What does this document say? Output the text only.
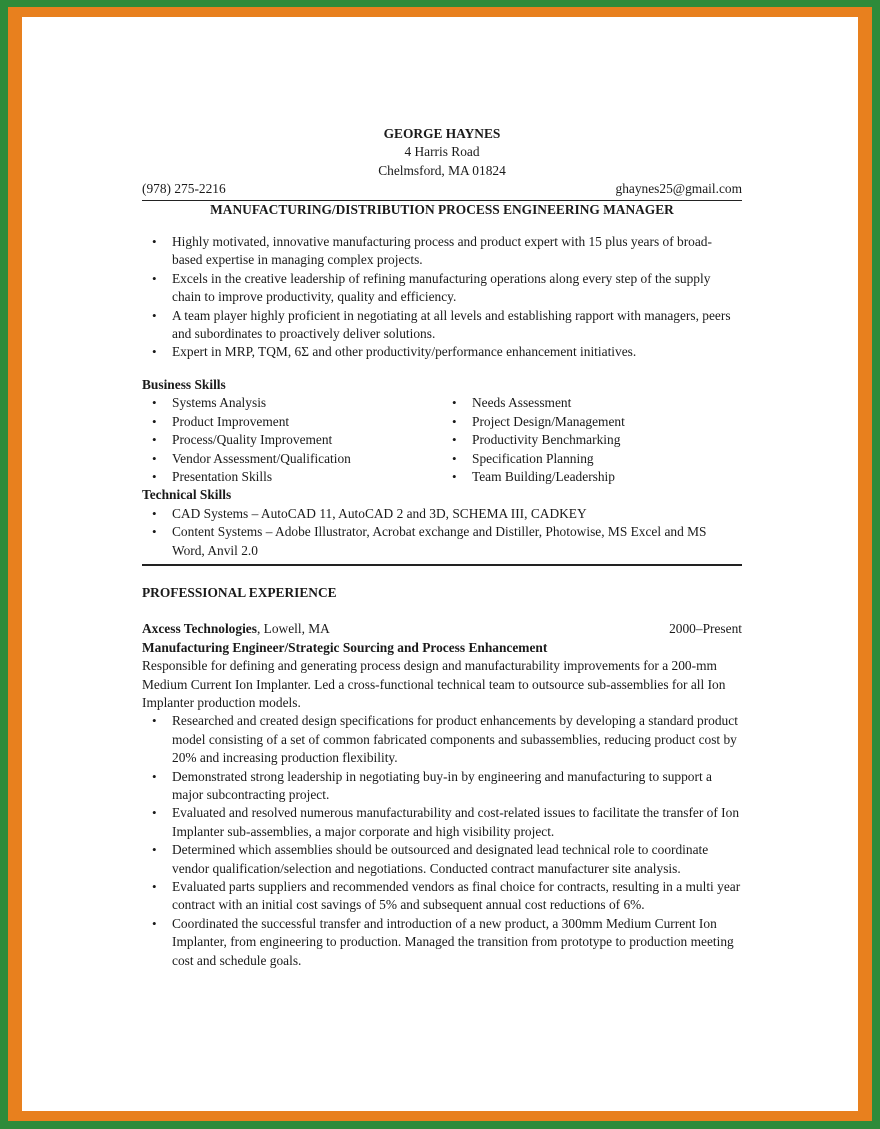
GEORGE HAYNES
4 Harris Road
Chelmsford, MA 01824
(978) 275-2216	ghaynes25@gmail.com
MANUFACTURING/DISTRIBUTION PROCESS ENGINEERING MANAGER
• Highly motivated, innovative manufacturing process and product expert with 15 plus years of broad-based expertise in managing complex projects.
• Excels in the creative leadership of refining manufacturing operations along every step of the supply chain to improve productivity, quality and efficiency.
• A team player highly proficient in negotiating at all levels and establishing rapport with managers, peers and subordinates to proactively deliver solutions.
• Expert in MRP, TQM, 6Σ and other productivity/performance enhancement initiatives.
Business Skills
• Systems Analysis
• Product Improvement
• Process/Quality Improvement
• Vendor Assessment/Qualification
• Presentation Skills
• Needs Assessment
• Project Design/Management
• Productivity Benchmarking
• Specification Planning
• Team Building/Leadership
Technical Skills
• CAD Systems – AutoCAD 11, AutoCAD 2 and 3D, SCHEMA III, CADKEY
• Content Systems – Adobe Illustrator, Acrobat exchange and Distiller, Photowise, MS Excel and MS Word, Anvil 2.0
PROFESSIONAL EXPERIENCE
Axcess Technologies, Lowell, MA	2000–Present
Manufacturing Engineer/Strategic Sourcing and Process Enhancement
Responsible for defining and generating process design and manufacturability improvements for a 200-mm Medium Current Ion Implanter. Led a cross-functional technical team to outsource sub-assemblies for all Ion Implanter production models.
• Researched and created design specifications for product enhancements by developing a standard product model consisting of a set of common fabricated components and subassemblies, reducing product cost by 20% and increasing production flexibility.
• Demonstrated strong leadership in negotiating buy-in by engineering and manufacturing to support a major subcontracting project.
• Evaluated and resolved numerous manufacturability and cost-related issues to facilitate the transfer of Ion Implanter sub-assemblies, a major corporate and high visibility project.
• Determined which assemblies should be outsourced and designated lead technical role to coordinate vendor qualification/selection and negotiations. Conducted contract manufacturer site analysis.
• Evaluated parts suppliers and recommended vendors as final choice for contracts, resulting in a multi year contract with an initial cost savings of 5% and subsequent annual cost reductions of 6%.
• Coordinated the successful transfer and introduction of a new product, a 300mm Medium Current Ion Implanter, from engineering to production. Managed the transition from prototype to production meeting cost and schedule goals.
